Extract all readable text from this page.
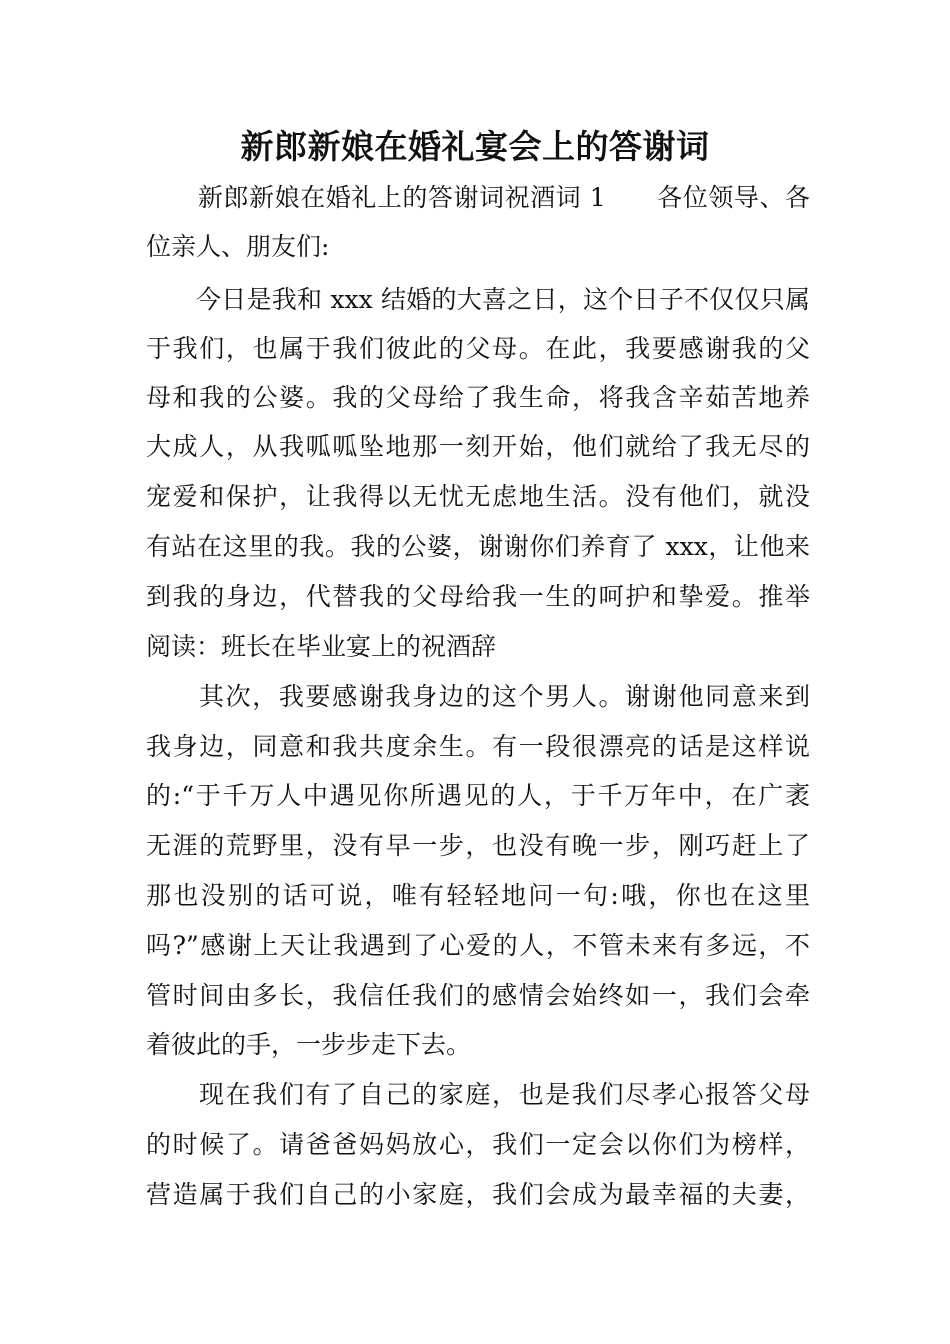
新郎新娘在婚礼宴会上的答谢词
新郎新娘在婚礼上的答谢词祝酒词 1　　各位领导、各
位亲人、朋友们:
今日是我和 xxx 结婚的大喜之日，这个日子不仅仅只属
于我们，也属于我们彼此的父母。在此，我要感谢我的父
母和我的公婆。我的父母给了我生命，将我含辛茹苦地养
大成人，从我呱呱坠地那一刻开始，他们就给了我无尽的
宠爱和保护，让我得以无忧无虑地生活。没有他们，就没
有站在这里的我。我的公婆，谢谢你们养育了 xxx，让他来
到我的身边，代替我的父母给我一生的呵护和挚爱。推举
阅读：班长在毕业宴上的祝酒辞
其次，我要感谢我身边的这个男人。谢谢他同意来到
我身边，同意和我共度余生。有一段很漂亮的话是这样说
的:“于千万人中遇见你所遇见的人，于千万年中，在广袤
无涯的荒野里，没有早一步，也没有晚一步，刚巧赶上了
那也没别的话可说，唯有轻轻地问一句:哦，你也在这里
吗?”感谢上天让我遇到了心爱的人，不管未来有多远，不
管时间由多长，我信任我们的感情会始终如一，我们会牵
着彼此的手，一步步走下去。
现在我们有了自己的家庭，也是我们尽孝心报答父母
的时候了。请爸爸妈妈放心，我们一定会以你们为榜样，
营造属于我们自己的小家庭，我们会成为最幸福的夫妻，
